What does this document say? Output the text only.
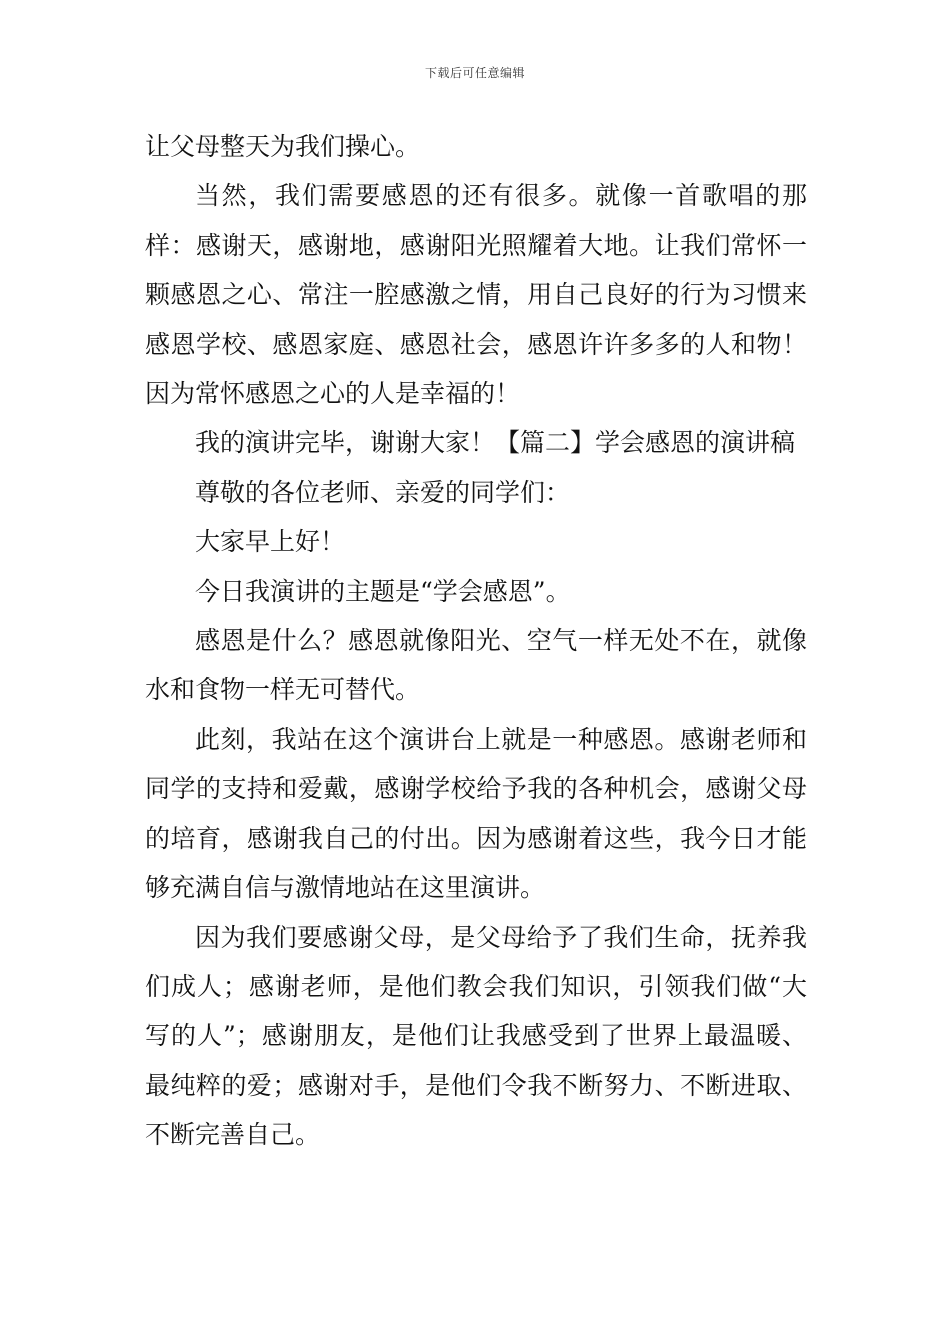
下载后可任意编辑

让父母整天为我们操心。

当然，我们需要感恩的还有很多。就像一首歌唱的那样：感谢天，感谢地，感谢阳光照耀着大地。让我们常怀一颗感恩之心、常注一腔感激之情，用自己良好的行为习惯来感恩学校、感恩家庭、感恩社会，感恩许许多多的人和物！因为常怀感恩之心的人是幸福的！

我的演讲完毕，谢谢大家！【篇二】学会感恩的演讲稿

尊敬的各位老师、亲爱的同学们：

大家早上好！

今日我演讲的主题是“学会感恩”。

感恩是什么？感恩就像阳光、空气一样无处不在，就像水和食物一样无可替代。

此刻，我站在这个演讲台上就是一种感恩。感谢老师和同学的支持和爱戴，感谢学校给予我的各种机会，感谢父母的培育，感谢我自己的付出。因为感谢着这些，我今日才能够充满自信与激情地站在这里演讲。

因为我们要感谢父母，是父母给予了我们生命，抚养我们成人；感谢老师，是他们教会我们知识，引领我们做“大写的人”；感谢朋友，是他们让我感受到了世界上最温暖、最纯粹的爱；感谢对手，是他们令我不断努力、不断进取、不断完善自己。
